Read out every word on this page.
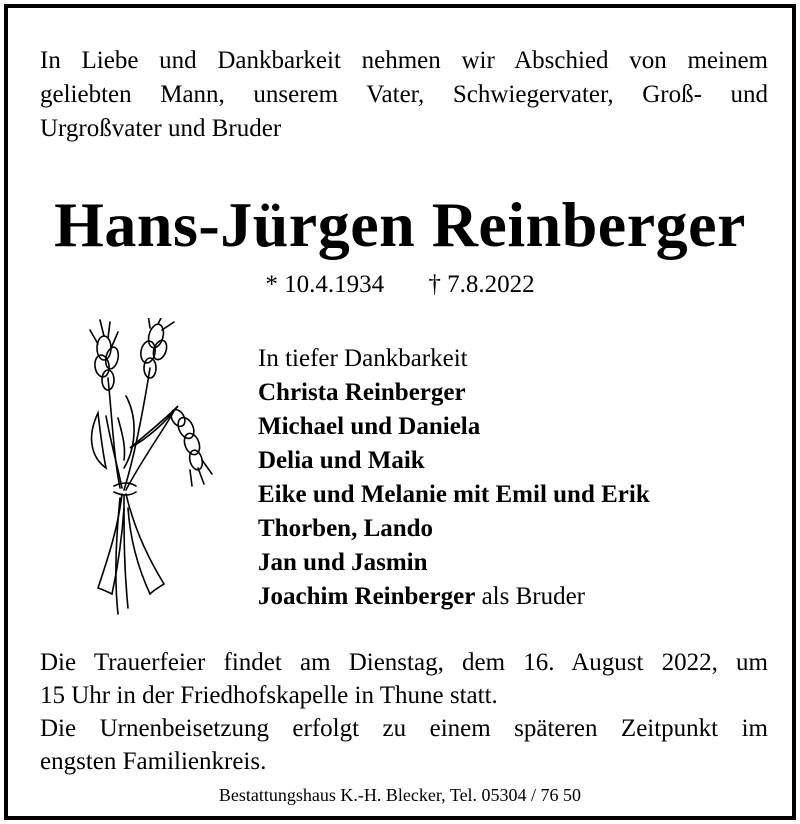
In Liebe und Dankbarkeit nehmen wir Abschied von meinem
geliebten Mann, unserem Vater, Schwiegervater, Groß- und
Urgroßvater und Bruder
Hans-Jürgen Reinberger
* 10.4.1934 † 7.8.2022
In tiefer Dankbarkeit
Christa Reinberger
Michael und Daniela
Delia und Maik
Eike und Melanie mit Emil und Erik
Thorben, Lando
Jan und Jasmin
Joachim Reinberger als Bruder
Die Trauerfeier findet am Dienstag, dem 16. August 2022, um
15 Uhr in der Friedhofskapelle in Thune statt.
Die Urnenbeisetzung erfolgt zu einem späteren Zeitpunkt im
engsten Familienkreis.
Bestattungshaus K.-H. Blecker, Tel. 05304 / 76 50
